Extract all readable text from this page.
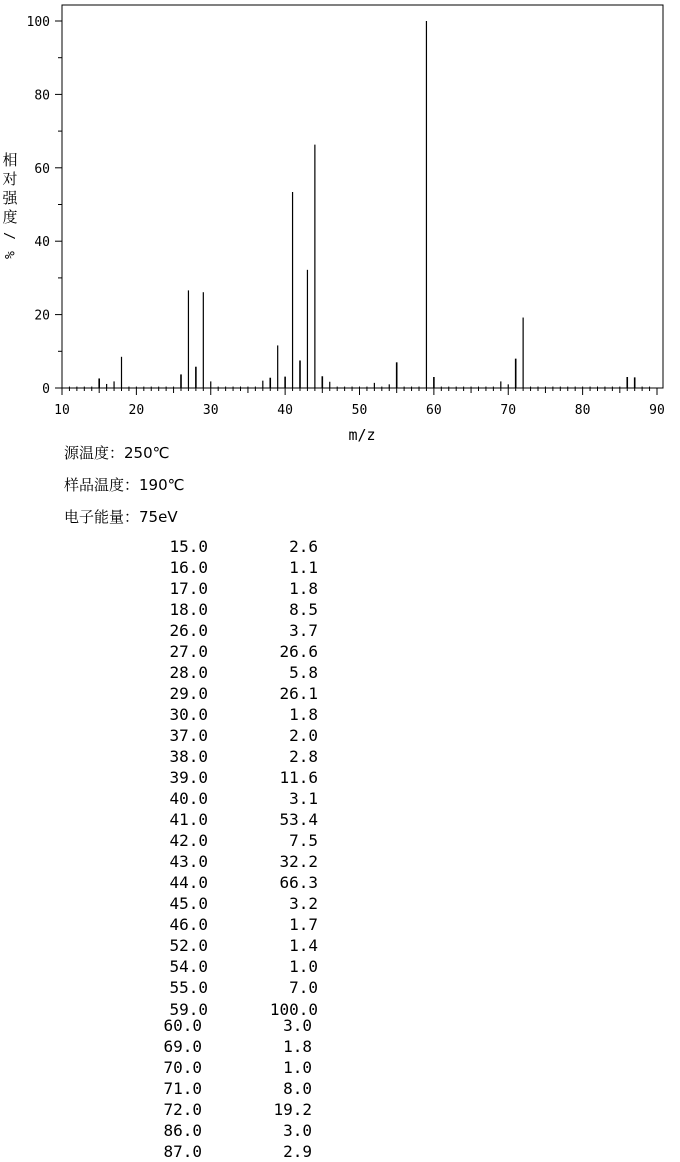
10	20	30	40	50	60	70	80	90
0
20
40
60
80
100
m/z
相
对
强
度
/
%
源温度：250℃
样品温度：190℃
电子能量：75eV
15.0	2.6
16.0	1.1
17.0	1.8
18.0	8.5
26.0	3.7
27.0	26.6
28.0	5.8
29.0	26.1
30.0	1.8
37.0	2.0
38.0	2.8
39.0	11.6
40.0	3.1
41.0	53.4
42.0	7.5
43.0	32.2
44.0	66.3
45.0	3.2
46.0	1.7
52.0	1.4
54.0	1.0
55.0	7.0
59.0	100.0
60.0	3.0
69.0	1.8
70.0	1.0
71.0	8.0
72.0	19.2
86.0	3.0
87.0	2.9
